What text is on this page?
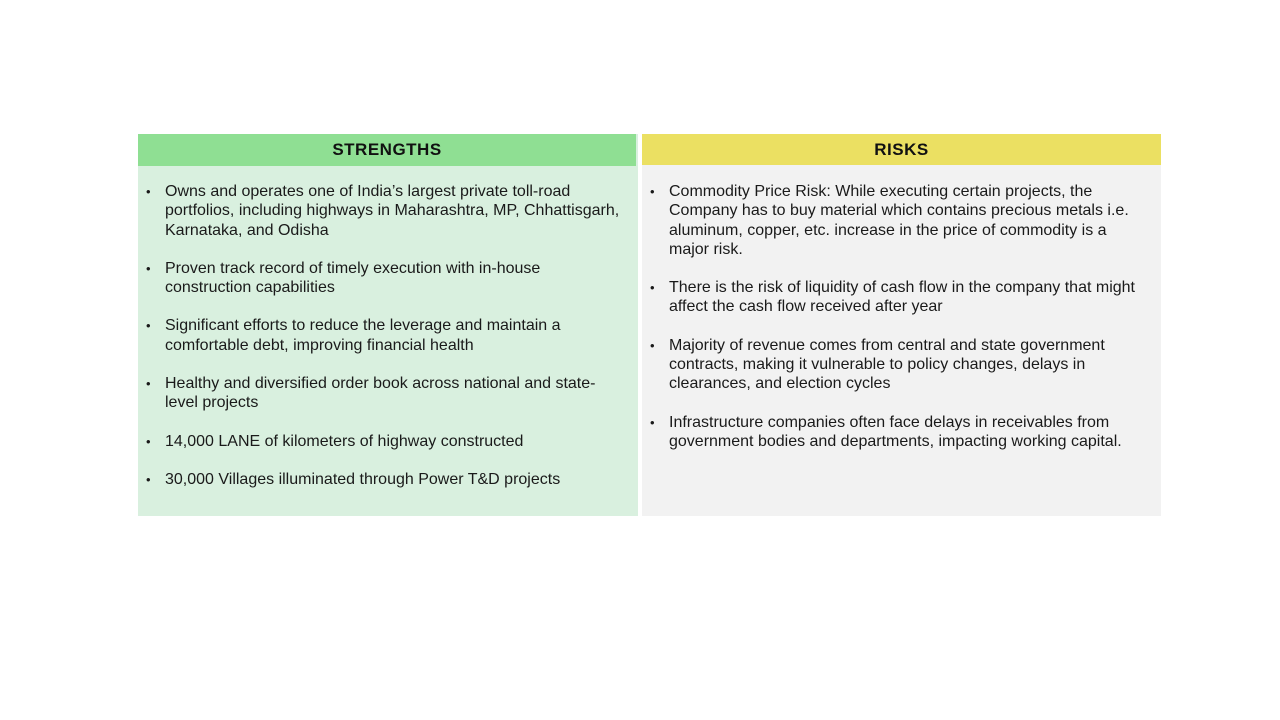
STRENGTHS
• Owns and operates one of India’s largest private toll-road portfolios, including highways in Maharashtra, MP, Chhattisgarh, Karnataka, and Odisha
• Proven track record of timely execution with in-house construction capabilities
• Significant efforts to reduce the leverage and maintain a comfortable debt, improving financial health
• Healthy and diversified order book across national and state-level projects
• 14,000 LANE of kilometers of highway constructed
• 30,000 Villages illuminated through Power T&D projects
RISKS
• Commodity Price Risk: While executing certain projects, the Company has to buy material which contains precious metals i.e. aluminum, copper, etc. increase in the price of commodity is a major risk.
• There is the risk of liquidity of cash flow in the company that might affect the cash flow received after year
• Majority of revenue comes from central and state government contracts, making it vulnerable to policy changes, delays in clearances, and election cycles
• Infrastructure companies often face delays in receivables from government bodies and departments, impacting working capital.
